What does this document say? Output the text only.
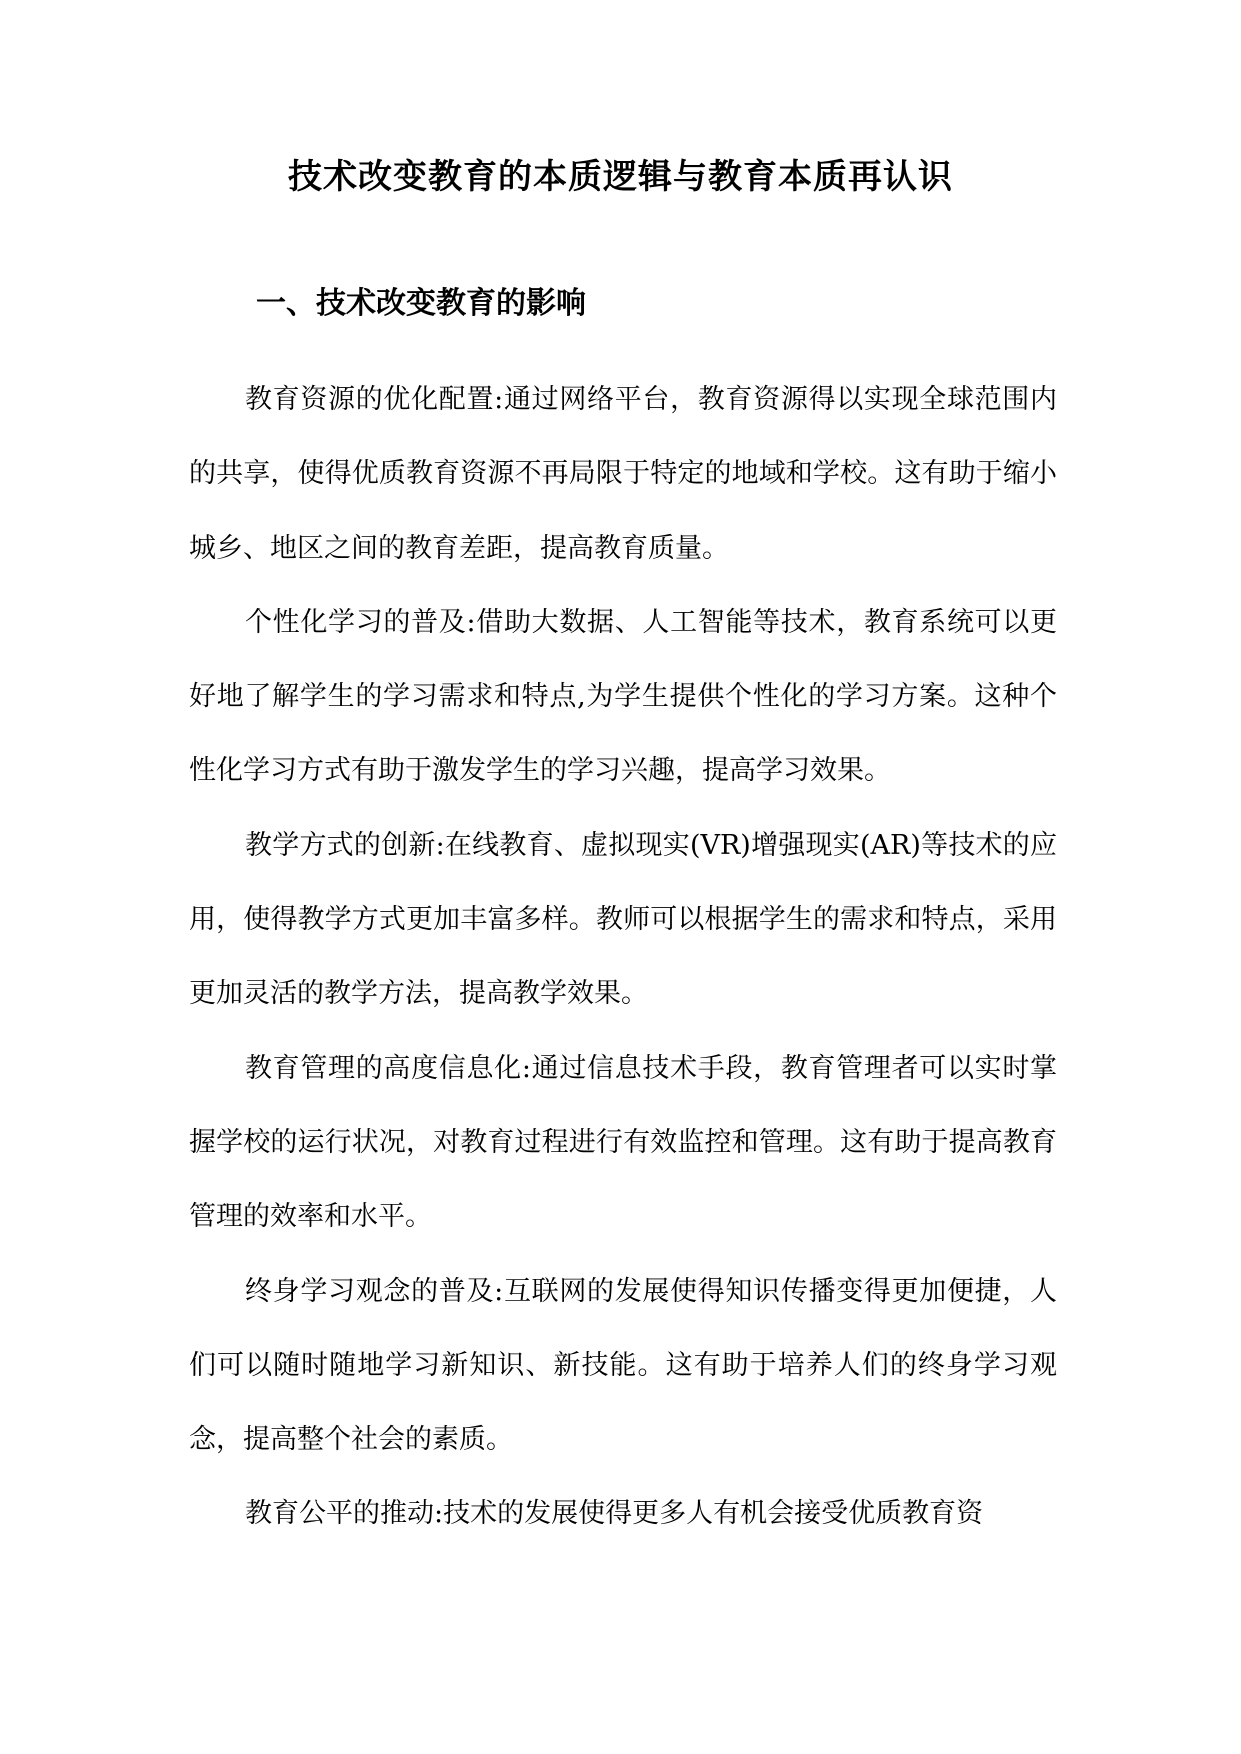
技术改变教育的本质逻辑与教育本质再认识
一、技术改变教育的影响

教育资源的优化配置:通过网络平台，教育资源得以实现全球范围内的共享，使得优质教育资源不再局限于特定的地域和学校。这有助于缩小城乡、地区之间的教育差距，提高教育质量。

个性化学习的普及:借助大数据、人工智能等技术，教育系统可以更好地了解学生的学习需求和特点,为学生提供个性化的学习方案。这种个性化学习方式有助于激发学生的学习兴趣，提高学习效果。

教学方式的创新:在线教育、虚拟现实(VR)增强现实(AR)等技术的应用，使得教学方式更加丰富多样。教师可以根据学生的需求和特点，采用更加灵活的教学方法，提高教学效果。

教育管理的高度信息化:通过信息技术手段，教育管理者可以实时掌握学校的运行状况，对教育过程进行有效监控和管理。这有助于提高教育管理的效率和水平。

终身学习观念的普及:互联网的发展使得知识传播变得更加便捷，人们可以随时随地学习新知识、新技能。这有助于培养人们的终身学习观念，提高整个社会的素质。

教育公平的推动:技术的发展使得更多人有机会接受优质教育资
